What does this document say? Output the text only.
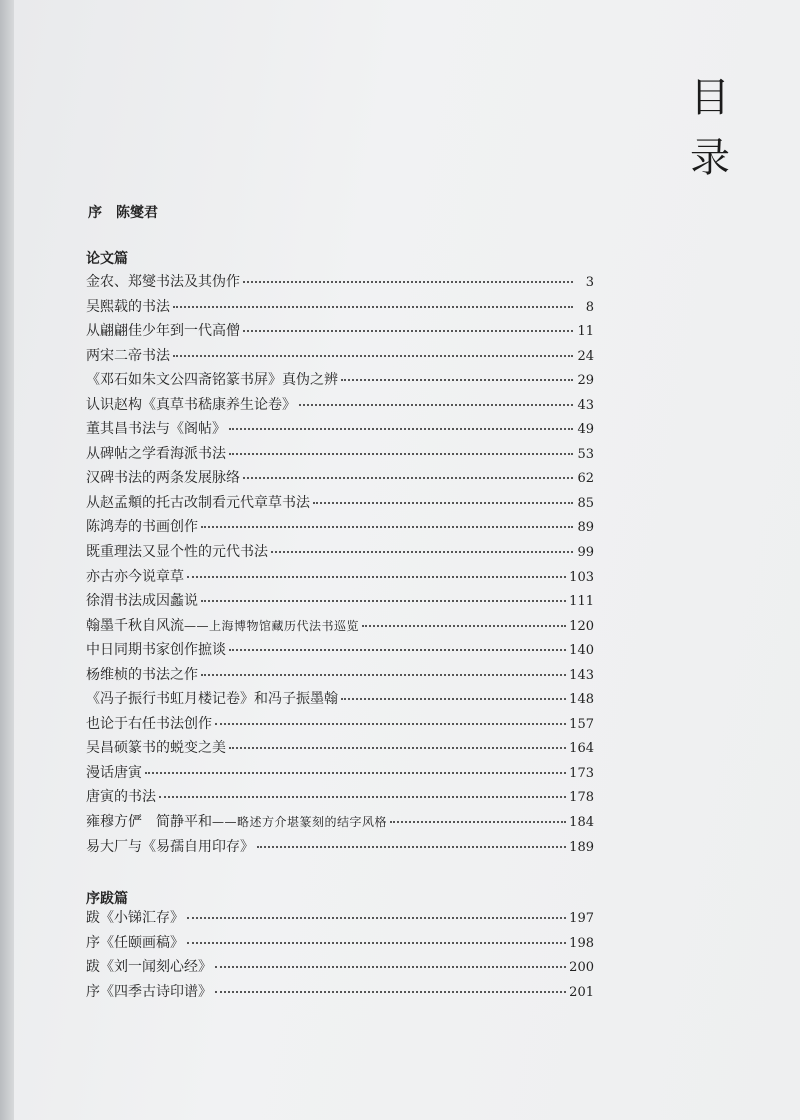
目
录
序 陈燮君
论文篇
金农、郑燮书法及其伪作	3
吴熙载的书法	8
从翩翩佳少年到一代高僧	11
两宋二帝书法	24
《邓石如朱文公四斋铭篆书屏》真伪之辨	29
认识赵构《真草书嵇康养生论卷》	43
董其昌书法与《阁帖》	49
从碑帖之学看海派书法	53
汉碑书法的两条发展脉络	62
从赵孟頫的托古改制看元代章草书法	85
陈鸿寿的书画创作	89
既重理法又显个性的元代书法	99
亦古亦今说章草	103
徐渭书法成因蠡说	111
翰墨千秋自风流 ——上海博物馆藏历代法书巡览	120
中日同期书家创作摭谈	140
杨维桢的书法之作	143
《冯子振行书虹月楼记卷》和冯子振墨翰	148
也论于右任书法创作	157
吴昌硕篆书的蜕变之美	164
漫话唐寅	173
唐寅的书法	178
雍穆方俨　简静平和 ——略述方介堪篆刻的结字风格	184
易大厂与《易孺自用印存》	189
序跋篇
跋《小锑汇存》	197
序《任颐画稿》	198
跋《刘一闻刻心经》	200
序《四季古诗印谱》	201
